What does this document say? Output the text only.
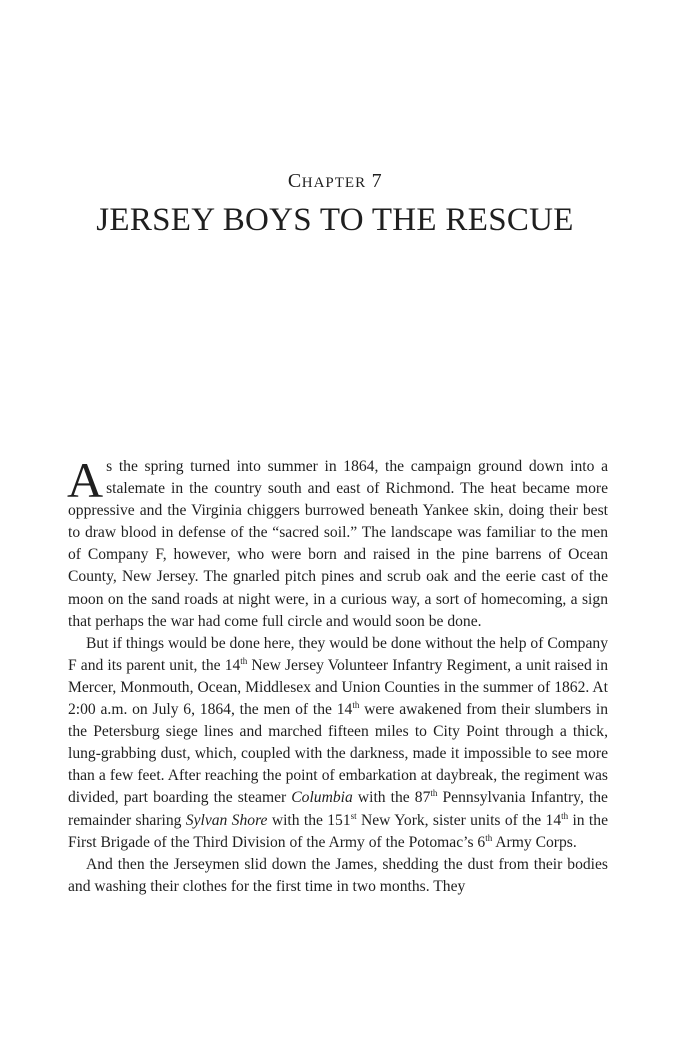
CHAPTER 7
JERSEY BOYS TO THE RESCUE

As the spring turned into summer in 1864, the campaign ground down into a stalemate in the country south and east of Richmond. The heat became more oppressive and the Virginia chiggers burrowed beneath Yankee skin, doing their best to draw blood in defense of the “sacred soil.” The landscape was familiar to the men of Company F, however, who were born and raised in the pine barrens of Ocean County, New Jersey. The gnarled pitch pines and scrub oak and the eerie cast of the moon on the sand roads at night were, in a curious way, a sort of homecoming, a sign that perhaps the war had come full circle and would soon be done.

But if things would be done here, they would be done without the help of Company F and its parent unit, the 14th New Jersey Volunteer Infantry Regiment, a unit raised in Mercer, Monmouth, Ocean, Middlesex and Union Counties in the summer of 1862. At 2:00 a.m. on July 6, 1864, the men of the 14th were awakened from their slumbers in the Petersburg siege lines and marched fifteen miles to City Point through a thick, lung-grabbing dust, which, coupled with the darkness, made it impossible to see more than a few feet. After reaching the point of embarkation at daybreak, the regiment was divided, part boarding the steamer Columbia with the 87th Pennsylvania Infantry, the remainder sharing Sylvan Shore with the 151st New York, sister units of the 14th in the First Brigade of the Third Division of the Army of the Potomac’s 6th Army Corps.

And then the Jerseymen slid down the James, shedding the dust from their bodies and washing their clothes for the first time in two months. They
